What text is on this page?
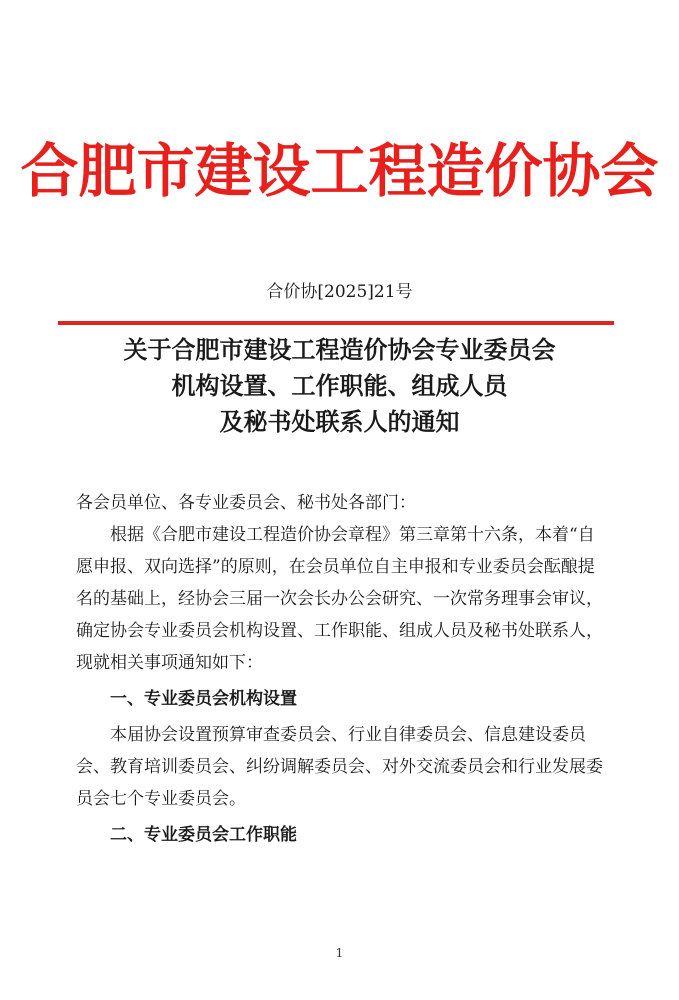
合肥市建设工程造价协会
合价协[2025]21号
关于合肥市建设工程造价协会专业委员会
机构设置、工作职能、组成人员
及秘书处联系人的通知

各会员单位、各专业委员会、秘书处各部门：

根据《合肥市建设工程造价协会章程》第三章第十六条，本着“自愿申报、双向选择”的原则，在会员单位自主申报和专业委员会酝酿提名的基础上，经协会三届一次会长办公会研究、一次常务理事会审议，确定协会专业委员会机构设置、工作职能、组成人员及秘书处联系人，现就相关事项通知如下：

一、专业委员会机构设置

本届协会设置预算审查委员会、行业自律委员会、信息建设委员会、教育培训委员会、纠纷调解委员会、对外交流委员会和行业发展委员会七个专业委员会。

二、专业委员会工作职能

1
